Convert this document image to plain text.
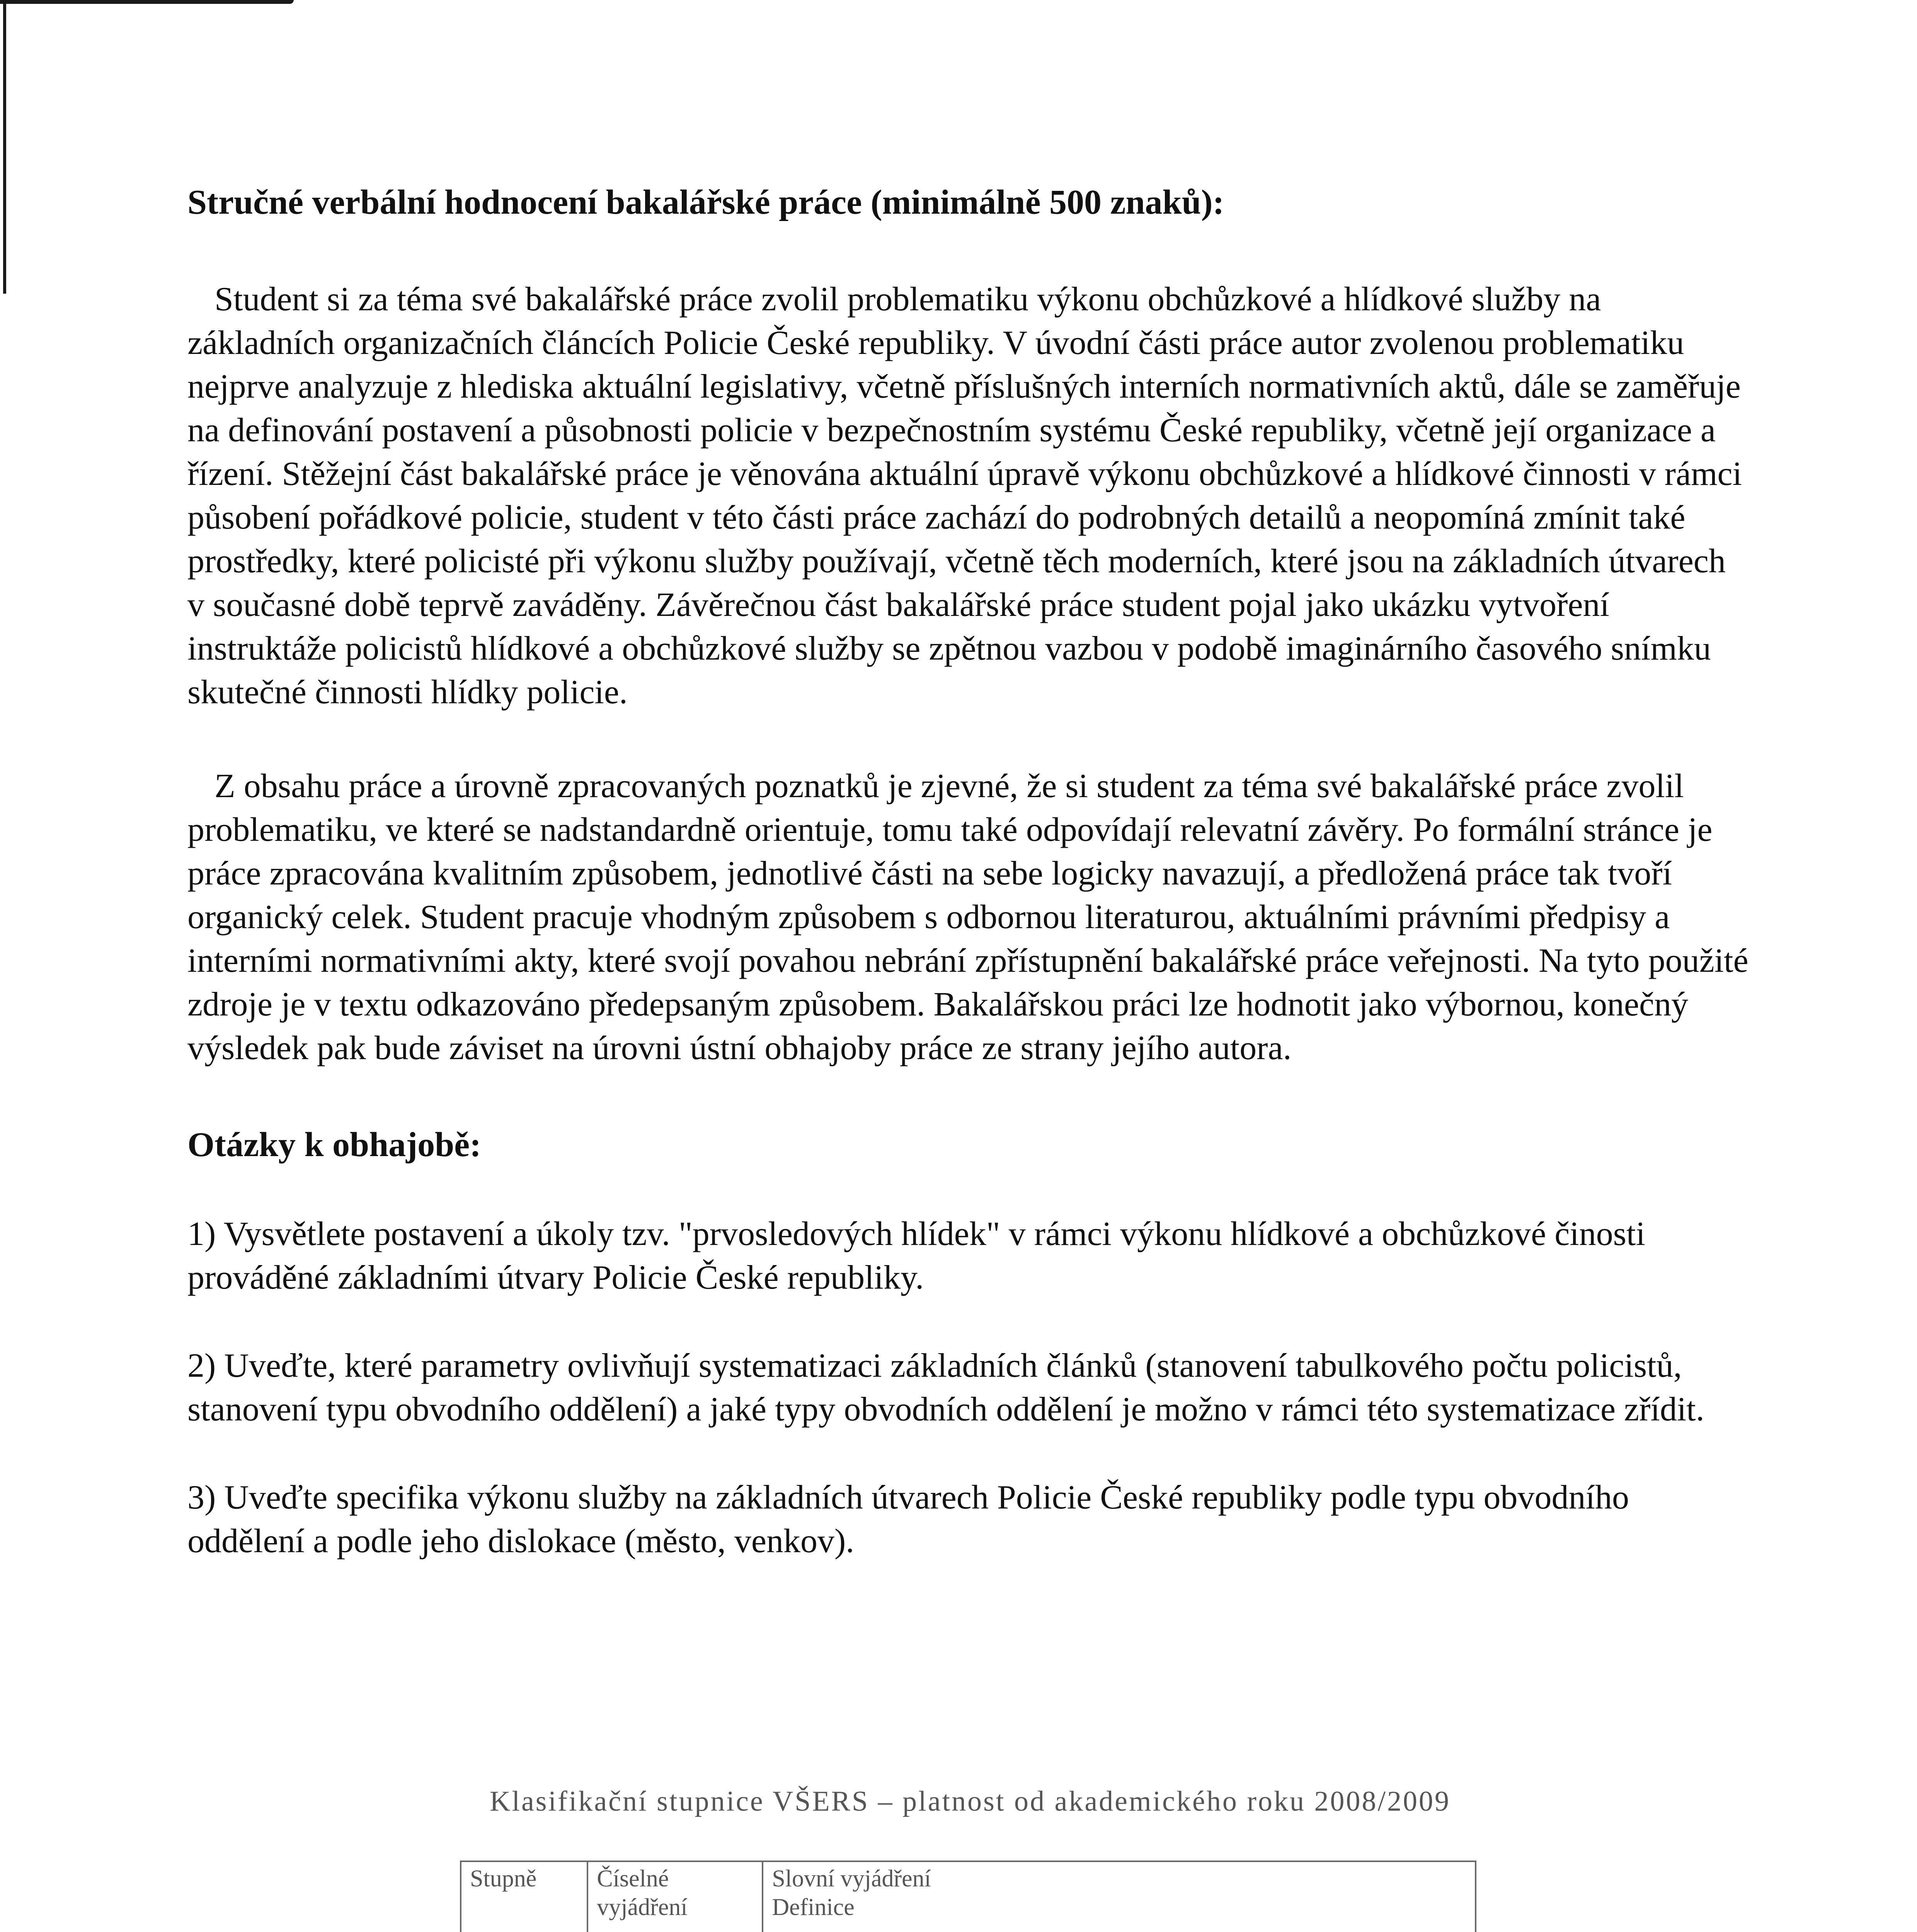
Stručné verbální hodnocení bakalářské práce (minimálně 500 znaků):

Student si za téma své bakalářské práce zvolil problematiku výkonu obchůzkové a hlídkové služby na základních organizačních článcích Policie České republiky. V úvodní části práce autor zvolenou problematiku nejprve analyzuje z hlediska aktuální legislativy, včetně příslušných interních normativních aktů, dále se zaměřuje na definování postavení a působnosti policie v bezpečnostním systému České republiky, včetně její organizace a řízení. Stěžejní část bakalářské práce je věnována aktuální úpravě výkonu obchůzkové a hlídkové činnosti v rámci působení pořádkové policie, student v této části práce zachází do podrobných detailů a neopomíná zmínit také prostředky, které policisté při výkonu služby používají, včetně těch moderních, které jsou na základních útvarech v současné době teprvě zaváděny. Závěrečnou část bakalářské práce student pojal jako ukázku vytvoření instruktáže policistů hlídkové a obchůzkové služby se zpětnou vazbou v podobě imaginárního časového snímku skutečné činnosti hlídky policie.

Z obsahu práce a úrovně zpracovaných poznatků je zjevné, že si student za téma své bakalářské práce zvolil problematiku, ve které se nadstandardně orientuje, tomu také odpovídají relevatní závěry. Po formální stránce je práce zpracována kvalitním způsobem, jednotlivé části na sebe logicky navazují, a předložená práce tak tvoří organický celek. Student pracuje vhodným způsobem s odbornou literaturou, aktuálními právními předpisy a interními normativními akty, které svojí povahou nebrání zpřístupnění bakalářské práce veřejnosti. Na tyto použité zdroje je v textu odkazováno předepsaným způsobem. Bakalářskou práci lze hodnotit jako výbornou, konečný výsledek pak bude záviset na úrovni ústní obhajoby práce ze strany jejího autora.

Otázky k obhajobě:

1) Vysvětlete postavení a úkoly tzv. "prvosledových hlídek" v rámci výkonu hlídkové a obchůzkové činosti prováděné základními útvary Policie České republiky.

2) Uveďte, které parametry ovlivňují systematizaci základních článků (stanovení tabulkového počtu policistů, stanovení typu obvodního oddělení) a jaké typy obvodních oddělení je možno v rámci této systematizace zřídit.

3) Uveďte specifika výkonu služby na základních útvarech Policie České republiky podle typu obvodního oddělení a podle jeho dislokace (město, venkov).

Klasifikační stupnice VŠERS – platnost od akademického roku 2008/2009
Stupně	Číselné vyjádření	Slovní vyjádření
Definice
